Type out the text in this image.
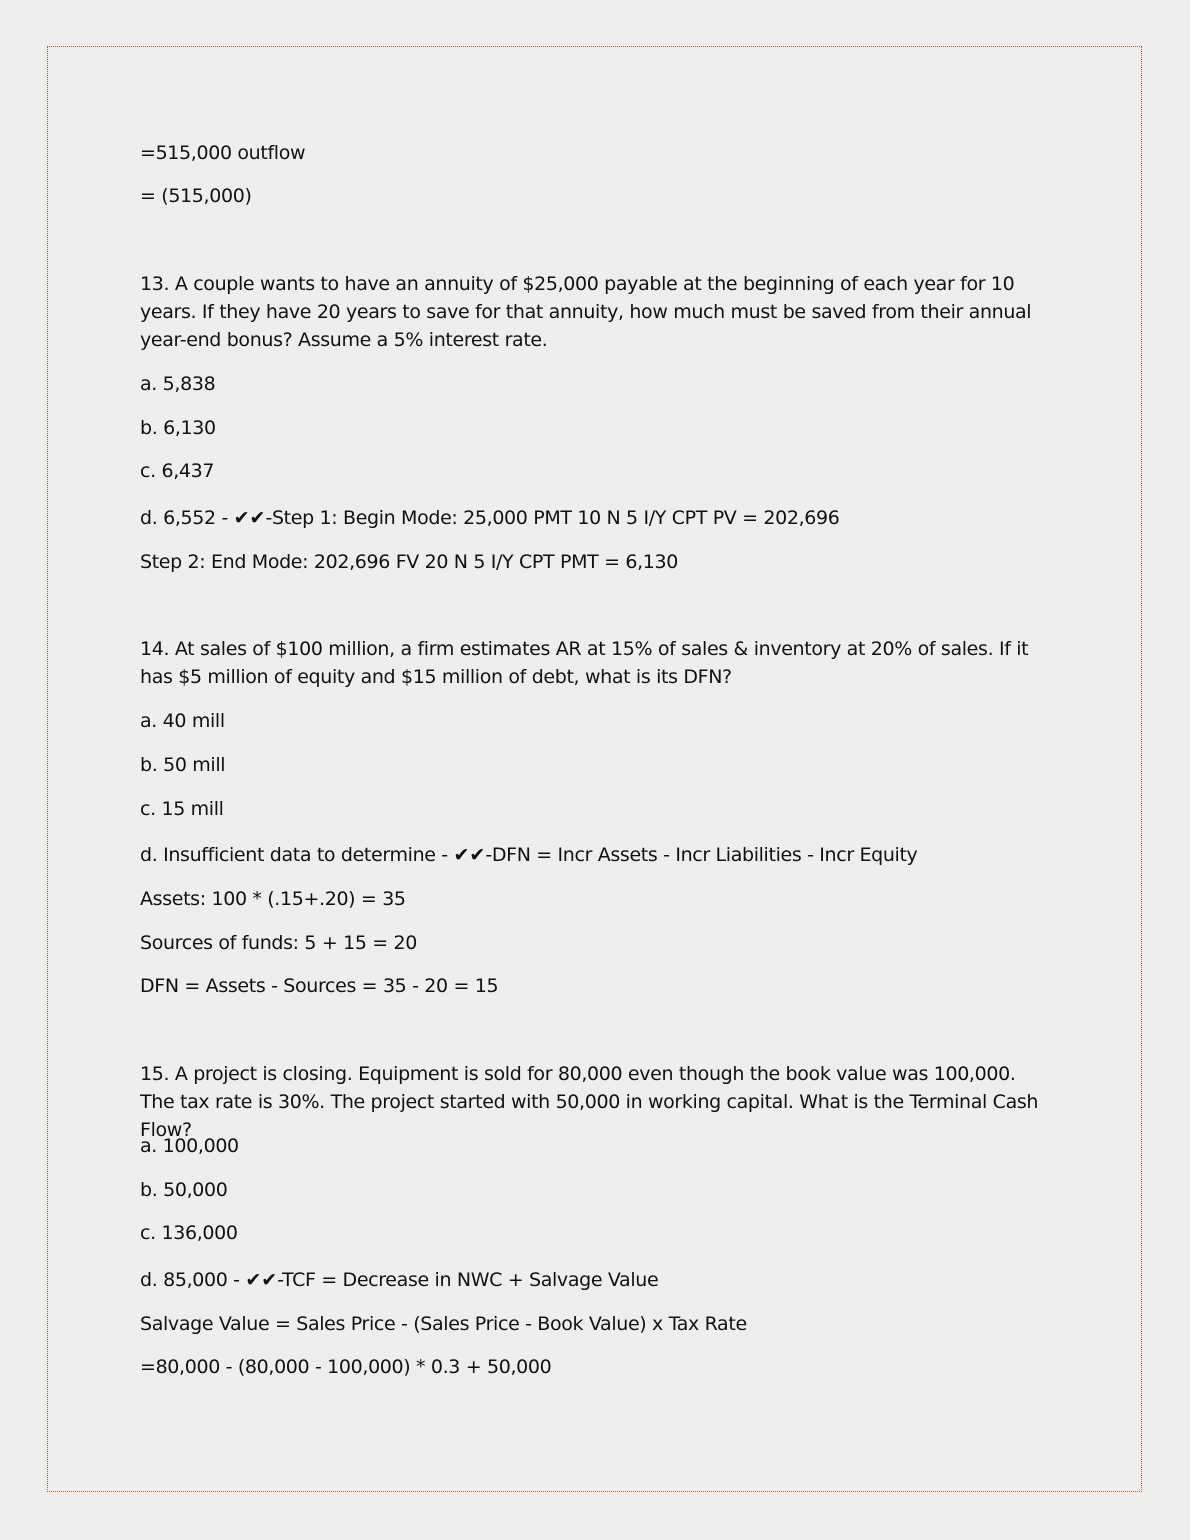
=515,000 outflow
= (515,000)
13. A couple wants to have an annuity of $25,000 payable at the beginning of each year for 10 years. If they have 20 years to save for that annuity, how much must be saved from their annual year-end bonus? Assume a 5% interest rate.
a. 5,838
b. 6,130
c. 6,437
d. 6,552 - ✔✔-Step 1: Begin Mode: 25,000 PMT 10 N 5 I/Y CPT PV = 202,696
Step 2: End Mode: 202,696 FV 20 N 5 I/Y CPT PMT = 6,130
14. At sales of $100 million, a firm estimates AR at 15% of sales & inventory at 20% of sales. If it has $5 million of equity and $15 million of debt, what is its DFN?
a. 40 mill
b. 50 mill
c. 15 mill
d. Insufficient data to determine - ✔✔-DFN = Incr Assets - Incr Liabilities - Incr Equity
Assets: 100 * (.15+.20) = 35
Sources of funds: 5 + 15 = 20
DFN = Assets - Sources = 35 - 20 = 15
15. A project is closing. Equipment is sold for 80,000 even though the book value was 100,000. The tax rate is 30%. The project started with 50,000 in working capital. What is the Terminal Cash Flow?
a. 100,000
b. 50,000
c. 136,000
d. 85,000 - ✔✔-TCF = Decrease in NWC + Salvage Value
Salvage Value = Sales Price - (Sales Price - Book Value) x Tax Rate
=80,000 - (80,000 - 100,000) * 0.3 + 50,000
